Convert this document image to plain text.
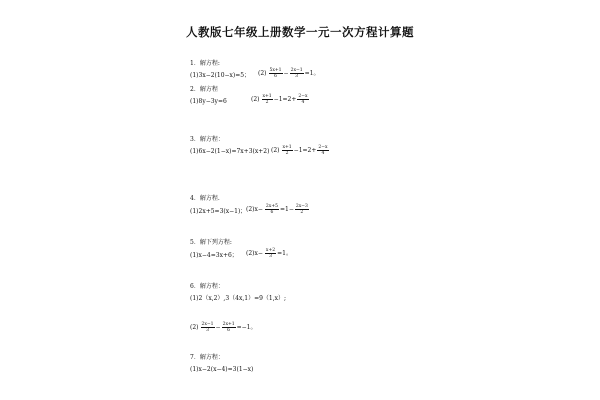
人教版七年级上册数学一元一次方程计算题
1．解方程:
(1)3x−2(10−x)=5； $(2) \frac{5x+1}{6} - \frac{2x-1}{3} =1$。
2．解方程
(1)8y−3y=6	$(2) \frac{x+1}{2} -1=2+ \frac{2-x}{4}$
3．解方程：
(1)6x−2(1−x)=7x+3(x+2) $(2) \frac{x+1}{2} -1=2+ \frac{2-x}{4}$
4．解方程.
(1)2x+5=3(x−1)； $(2)x- \frac{2x+5}{6} =1- \frac{2x-3}{2}$
5．解下列方程:
(1)x−4=3x+6； $(2)x- \frac{x+2}{3} =1$。
6．解方程：
(1)2（x,2）,3（4x,1）=9（1,x）;
$(2) \frac{2x-1}{3} - \frac{2x+1}{6} =-1$。
7．解方程：
(1)x−2(x−4)=3(1−x)
